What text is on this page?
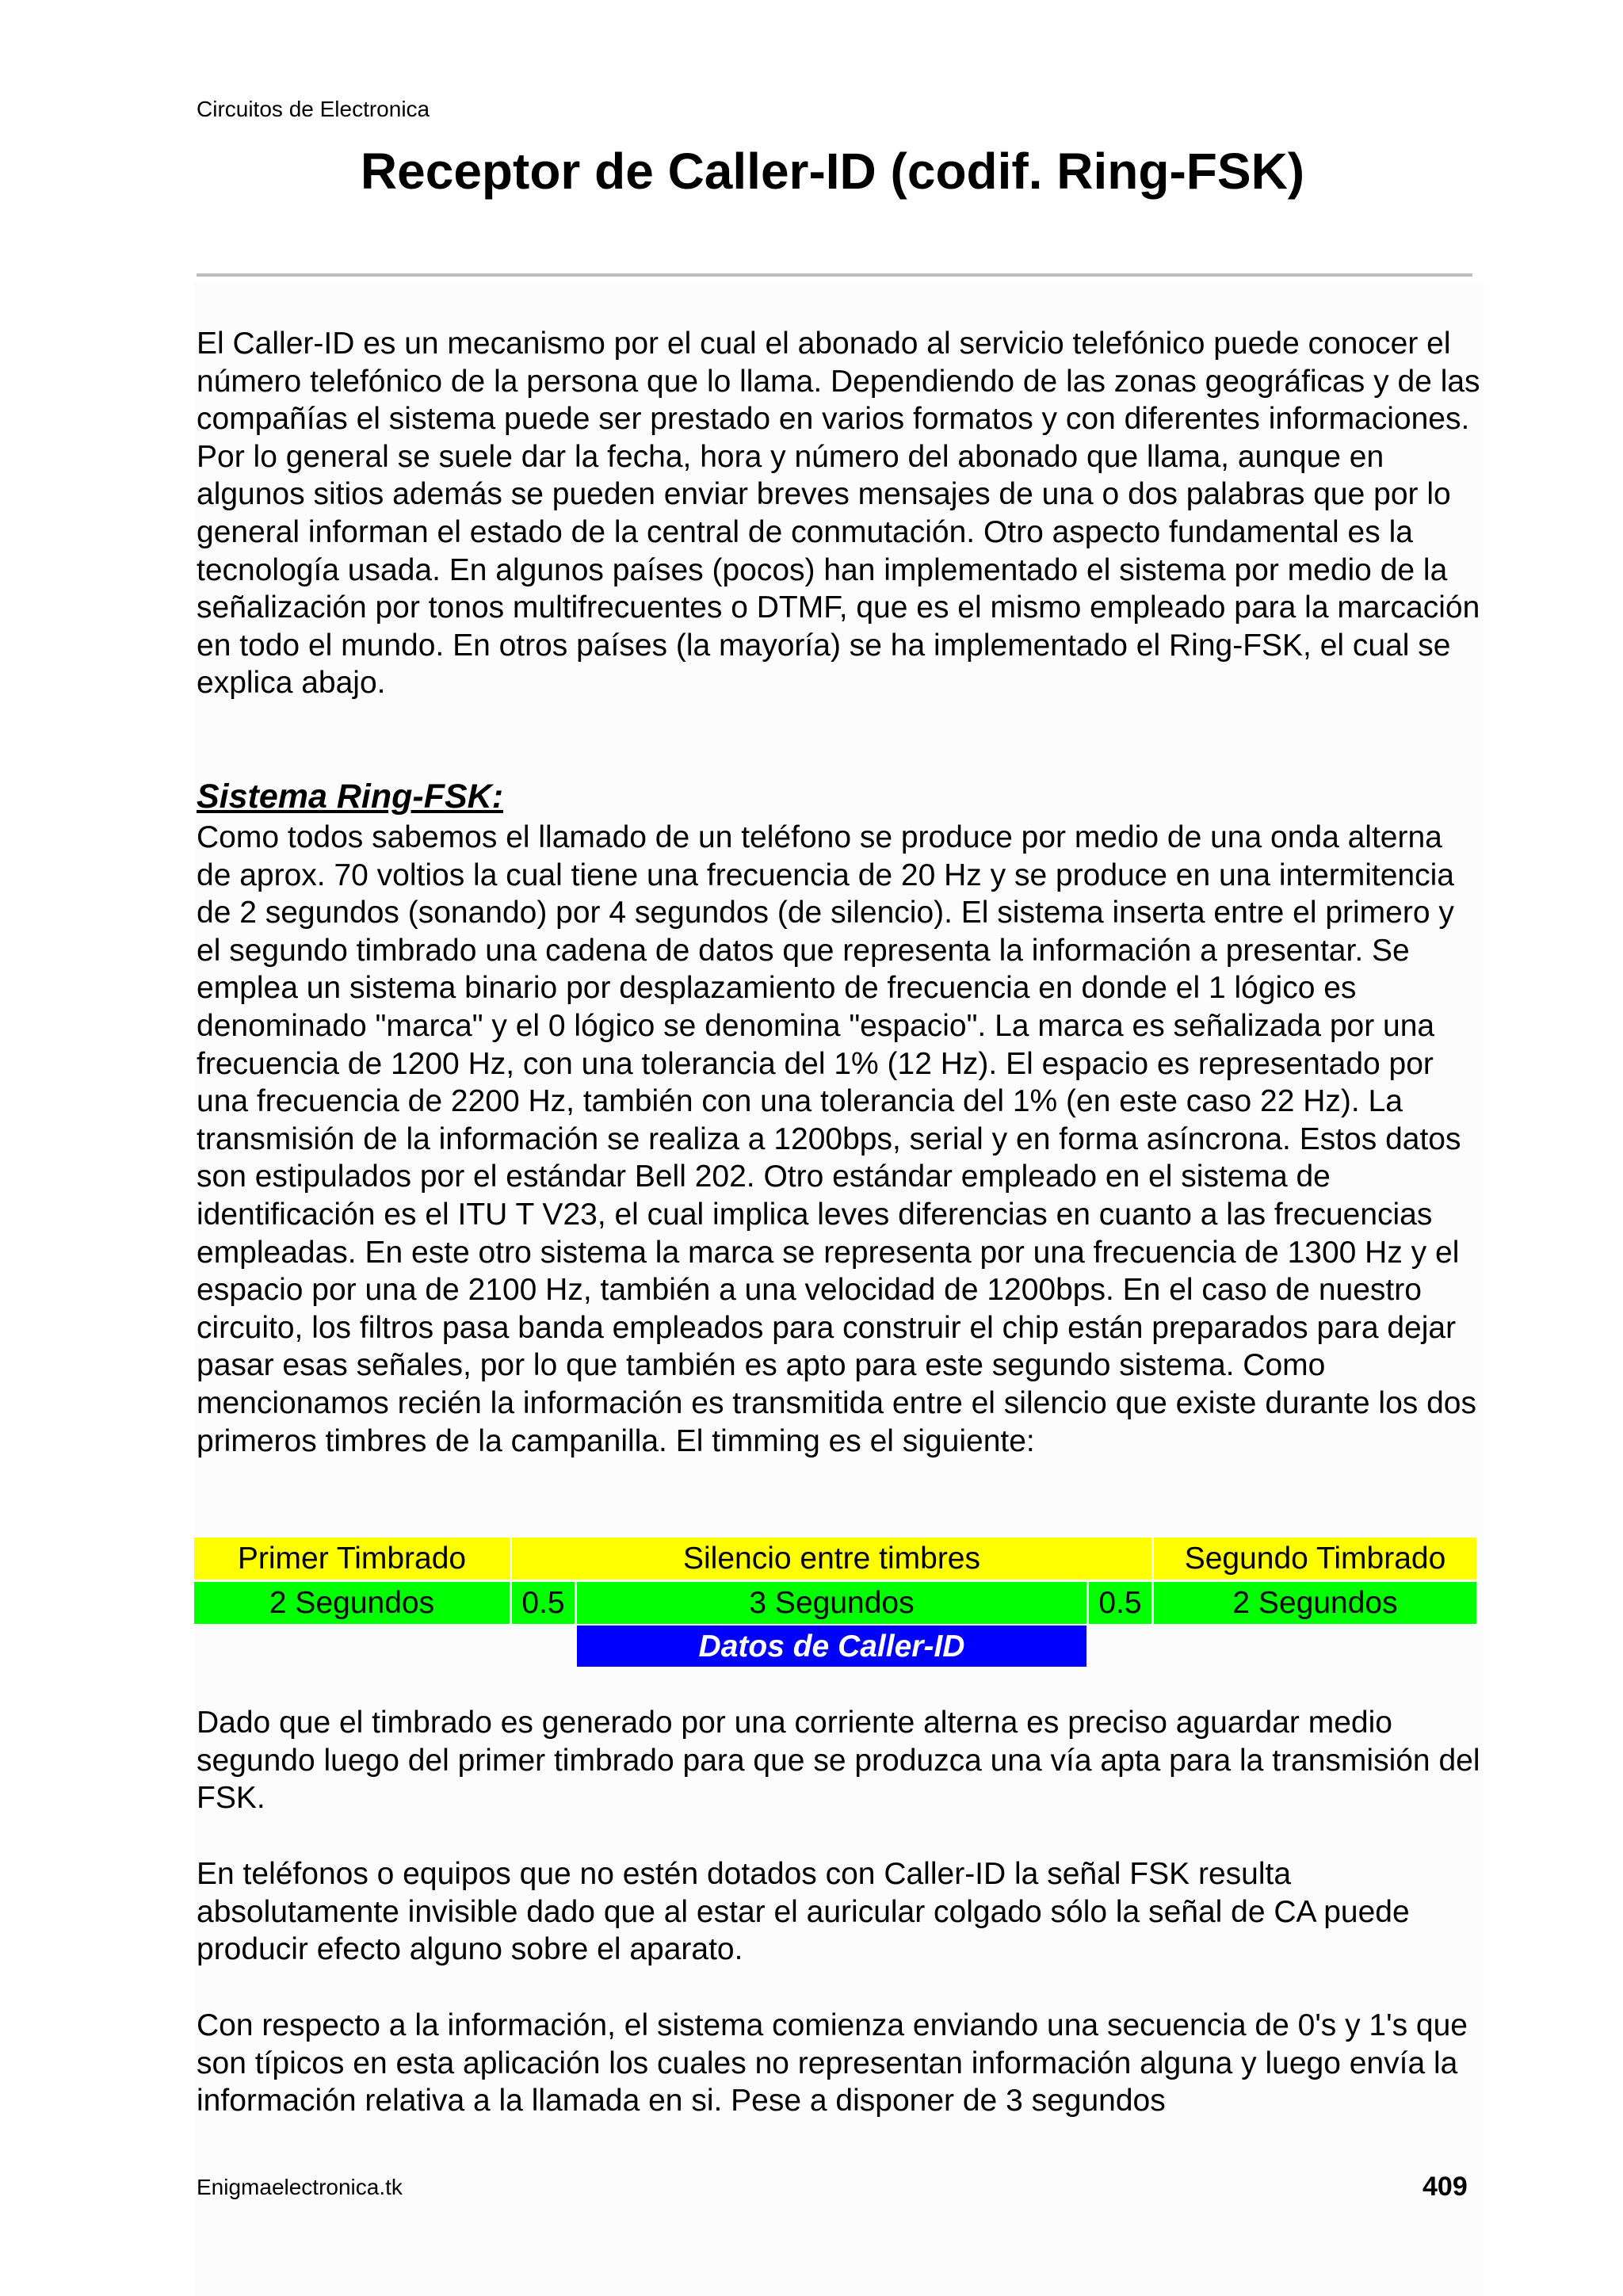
Circuitos de Electronica
Receptor de Caller-ID (codif. Ring-FSK)

El Caller-ID es un mecanismo por el cual el abonado al servicio telefónico puede conocer el número telefónico de la persona que lo llama. Dependiendo de las zonas geográficas y de las compañías el sistema puede ser prestado en varios formatos y con diferentes informaciones. Por lo general se suele dar la fecha, hora y número del abonado que llama, aunque en algunos sitios además se pueden enviar breves mensajes de una o dos palabras que por lo general informan el estado de la central de conmutación. Otro aspecto fundamental es la tecnología usada. En algunos países (pocos) han implementado el sistema por medio de la señalización por tonos multifrecuentes o DTMF, que es el mismo empleado para la marcación en todo el mundo. En otros países (la mayoría) se ha implementado el Ring-FSK, el cual se explica abajo.

Sistema Ring-FSK:

Como todos sabemos el llamado de un teléfono se produce por medio de una onda alterna de aprox. 70 voltios la cual tiene una frecuencia de 20 Hz y se produce en una intermitencia de 2 segundos (sonando) por 4 segundos (de silencio). El sistema inserta entre el primero y el segundo timbrado una cadena de datos que representa la información a presentar. Se emplea un sistema binario por desplazamiento de frecuencia en donde el 1 lógico es denominado "marca" y el 0 lógico se denomina "espacio". La marca es señalizada por una frecuencia de 1200 Hz, con una tolerancia del 1% (12 Hz). El espacio es representado por una frecuencia de 2200 Hz, también con una tolerancia del 1% (en este caso 22 Hz). La transmisión de la información se realiza a 1200bps, serial y en forma asíncrona. Estos datos son estipulados por el estándar Bell 202. Otro estándar empleado en el sistema de identificación es el ITU T V23, el cual implica leves diferencias en cuanto a las frecuencias empleadas. En este otro sistema la marca se representa por una frecuencia de 1300 Hz y el espacio por una de 2100 Hz, también a una velocidad de 1200bps. En el caso de nuestro circuito, los filtros pasa banda empleados para construir el chip están preparados para dejar pasar esas señales, por lo que también es apto para este segundo sistema. Como mencionamos recién la información es transmitida entre el silencio que existe durante los dos primeros timbres de la campanilla. El timming es el siguiente:

Primer Timbrado	Silencio entre timbres	Segundo Timbrado
2 Segundos	0.5	3 Segundos	0.5	2 Segundos
Datos de Caller-ID

Dado que el timbrado es generado por una corriente alterna es preciso aguardar medio segundo luego del primer timbrado para que se produzca una vía apta para la transmisión del FSK.

En teléfonos o equipos que no estén dotados con Caller-ID la señal FSK resulta absolutamente invisible dado que al estar el auricular colgado sólo la señal de CA puede producir efecto alguno sobre el aparato.

Con respecto a la información, el sistema comienza enviando una secuencia de 0's y 1's que son típicos en esta aplicación los cuales no representan información alguna y luego envía la información relativa a la llamada en si. Pese a disponer de 3 segundos

Enigmaelectronica.tk	409
